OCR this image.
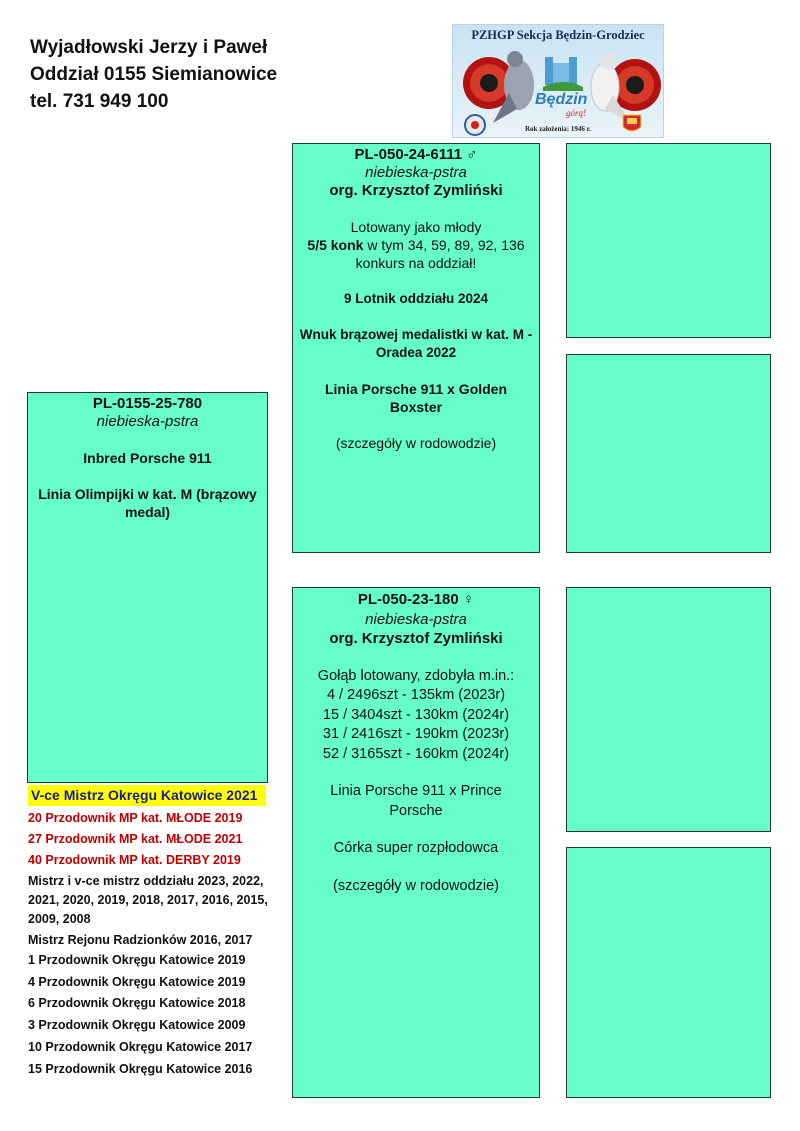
Wyjadłowski Jerzy i Paweł
Oddział 0155 Siemianowice
tel. 731 949 100
PZHGP Sekcja Będzin-Grodziec
Będzin
górą!
Rok założenia: 1946 r.
PL-0155-25-780
niebieska-pstra
Inbred Porsche 911
Linia Olimpijki w kat. M (brązowy medal)
PL-050-24-6111 ♂
niebieska-pstra
org. Krzysztof Zymliński
Lotowany jako młody
5/5 konk w tym 34, 59, 89, 92, 136
konkurs na oddział!
9 Lotnik oddziału 2024
Wnuk brązowej medalistki w kat. M - Oradea 2022
Linia Porsche 911 x Golden Boxster
(szczegóły w rodowodzie)
PL-050-23-180 ♀
niebieska-pstra
org. Krzysztof Zymliński
Gołąb lotowany, zdobyła m.in.:
4 / 2496szt - 135km (2023r)
15 / 3404szt - 130km (2024r)
31 / 2416szt - 190km (2023r)
52 / 3165szt - 160km (2024r)
Linia Porsche 911 x Prince Porsche
Córka super rozpłodowca
(szczegóły w rodowodzie)
V-ce Mistrz Okręgu Katowice 2021
20 Przodownik MP kat. MŁODE 2019
27 Przodownik MP kat. MŁODE 2021
40 Przodownik MP kat. DERBY 2019
Mistrz i v-ce mistrz oddziału 2023, 2022, 2021, 2020, 2019, 2018, 2017, 2016, 2015, 2009, 2008
Mistrz Rejonu Radzionków 2016, 2017
1 Przodownik Okręgu Katowice 2019
4 Przodownik Okręgu Katowice 2019
6 Przodownik Okręgu Katowice 2018
3 Przodownik Okręgu Katowice 2009
10 Przodownik Okręgu Katowice 2017
15 Przodownik Okręgu Katowice 2016
